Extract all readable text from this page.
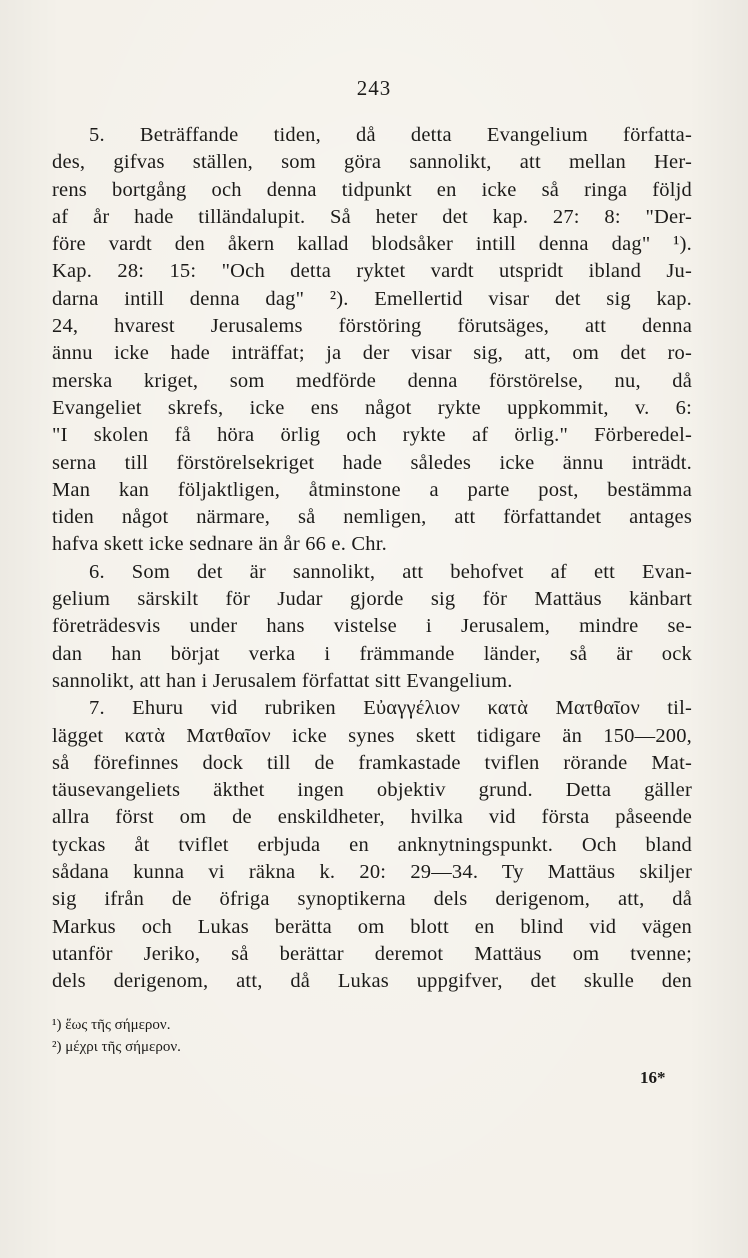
243
5. Beträffande tiden, då detta Evangelium författa-
des, gifvas ställen, som göra sannolikt, att mellan Her-
rens bortgång och denna tidpunkt en icke så ringa följd
af år hade tilländalupit. Så heter det kap. 27: 8: "Der-
före vardt den åkern kallad blodsåker intill denna dag" ¹).
Kap. 28: 15: "Och detta ryktet vardt utspridt ibland Ju-
darna intill denna dag" ²). Emellertid visar det sig kap.
24, hvarest Jerusalems förstöring förutsäges, att denna
ännu icke hade inträffat; ja der visar sig, att, om det ro-
merska kriget, som medförde denna förstörelse, nu, då
Evangeliet skrefs, icke ens något rykte uppkommit, v. 6:
"I skolen få höra örlig och rykte af örlig." Förberedel-
serna till förstörelsekriget hade således icke ännu inträdt.
Man kan följaktligen, åtminstone a parte post, bestämma
tiden något närmare, så nemligen, att författandet antages
hafva skett icke sednare än år 66 e. Chr.
6. Som det är sannolikt, att behofvet af ett Evan-
gelium särskilt för Judar gjorde sig för Mattäus känbart
företrädesvis under hans vistelse i Jerusalem, mindre se-
dan han börjat verka i främmande länder, så är ock
sannolikt, att han i Jerusalem författat sitt Evangelium.
7. Ehuru vid rubriken Εὐαγγέλιον κατὰ Ματθαῖον til-
lägget κατὰ Ματθαῖον icke synes skett tidigare än 150—200,
så förefinnes dock till de framkastade tviflen rörande Mat-
täusevangeliets äkthet ingen objektiv grund. Detta gäller
allra först om de enskildheter, hvilka vid första påseende
tyckas åt tviflet erbjuda en anknytningspunkt. Och bland
sådana kunna vi räkna k. 20: 29—34. Ty Mattäus skiljer
sig ifrån de öfriga synoptikerna dels derigenom, att, då
Markus och Lukas berätta om blott en blind vid vägen
utanför Jeriko, så berättar deremot Mattäus om tvenne;
dels derigenom, att, då Lukas uppgifver, det skulle den
¹) ἕως τῆς σήμερον.
²) μέχρι τῆς σήμερον.
16*
